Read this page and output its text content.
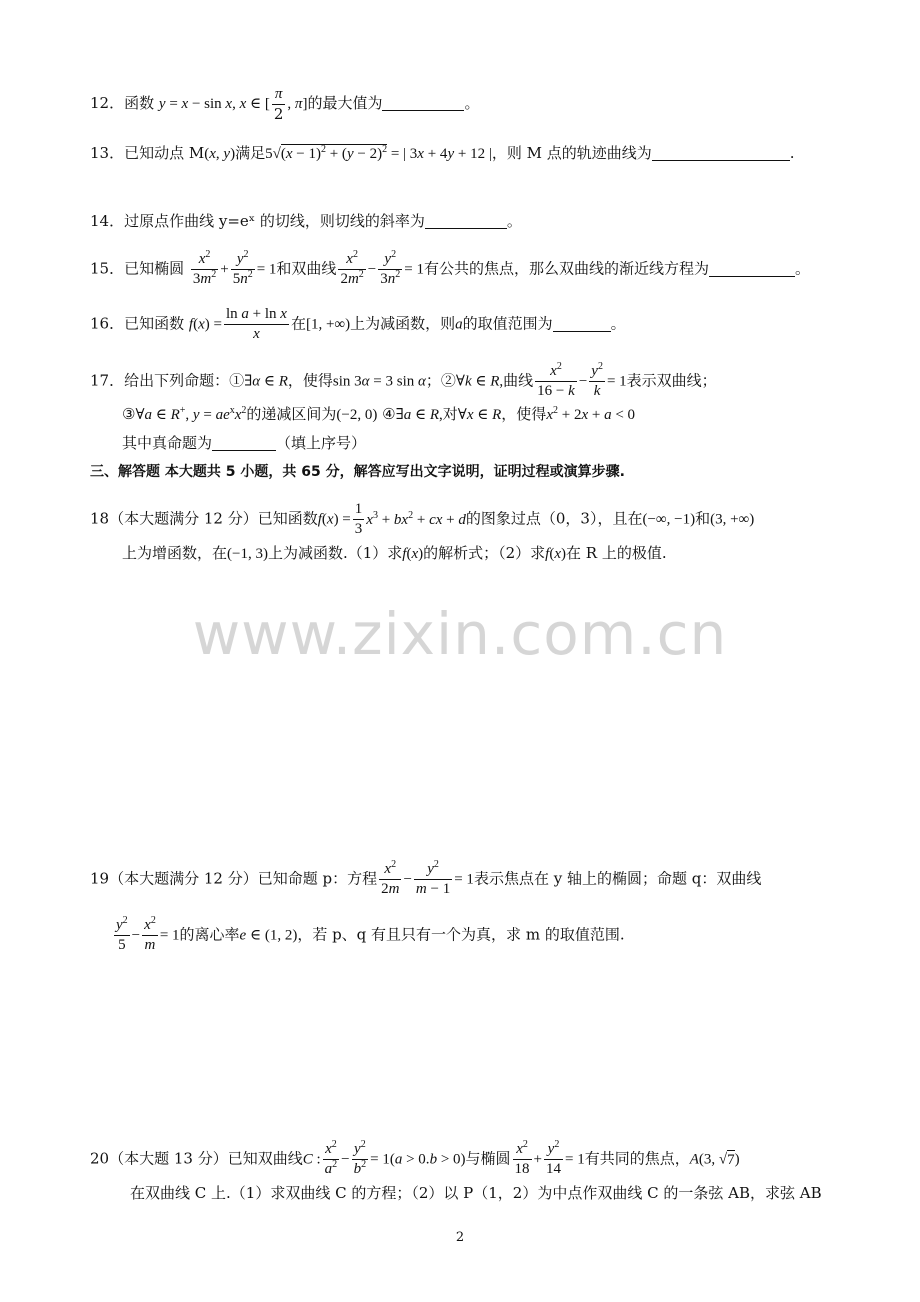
12．函数 y = x − sin x, x ∈ [ $\frac{\pi}{2}$ , π]的最大值为	。
13．已知动点 M(x, y)满足$5√(x - 1)^2 + (y - 2)^2$ = | 3x + 4y + 12 |，则 M 点的轨迹曲线为	.
14．过原点作曲线 y=eˣ 的切线，则切线的斜率为	。
15．已知椭圆 $\frac{x^2}{3m^2} + \frac{y^2}{5n^2} = 1$和双曲线 $\frac{x^2}{2m^2} - \frac{y^2}{3n^2} = 1$有公共的焦点，那么双曲线的渐近线方程为	。
16．已知函数 $f(x) = \frac{\text{ln a + ln x}}{x}$ 在[1, +∞)上为减函数，则a的取值范围为	。
17．给出下列命题：①∃α ∈ R，使得sin 3α = 3 sin α；②∀k ∈ R,曲线 $\frac{x^2}{16 - k} - \frac{y^2}{k} = 1$表示双曲线；
③∀a ∈ R+, $y = ae^xx^2$的递减区间为(−2, 0) ④∃a ∈ R,对∀x ∈ R，使得$x^2 + 2x + a < 0$
其中真命题为	（填上序号）
三、解答题 本大题共 5 小题，共 65 分，解答应写出文字说明，证明过程或演算步骤.
18（本大题满分 12 分）已知函数$f(x) = \frac{1}{3} x^3 + bx^2$ + cx + d的图象过点（0，3），且在(−∞, −1)和(3, +∞)
上为增函数，在(−1, 3)上为减函数.（1）求f(x)的解析式；（2）求f(x)在 R 上的极值.
www.zixin.com.cn
19（本大题满分 12 分）已知命题 p：方程 $\frac{x^2}{2m} - \frac{y^2}{m - 1} = 1$表示焦点在 y 轴上的椭圆；命题 q：双曲线
$\frac{y^2}{5} - \frac{x^2}{m} = 1$的离心率e ∈ (1, 2)，若 p、q 有且只有一个为真，求 m 的取值范围.
20（本大题 13 分）已知双曲线C : $\frac{x^2}{a^2} - \frac{y^2}{b^2} = 1(a > 0.b > 0)$与椭圆 $\frac{x^2}{18} + \frac{y^2}{14} = 1$有共同的焦点，A(3, √7)
在双曲线 C 上.（1）求双曲线 C 的方程；（2）以 P（1，2）为中点作双曲线 C 的一条弦 AB，求弦 AB
2
